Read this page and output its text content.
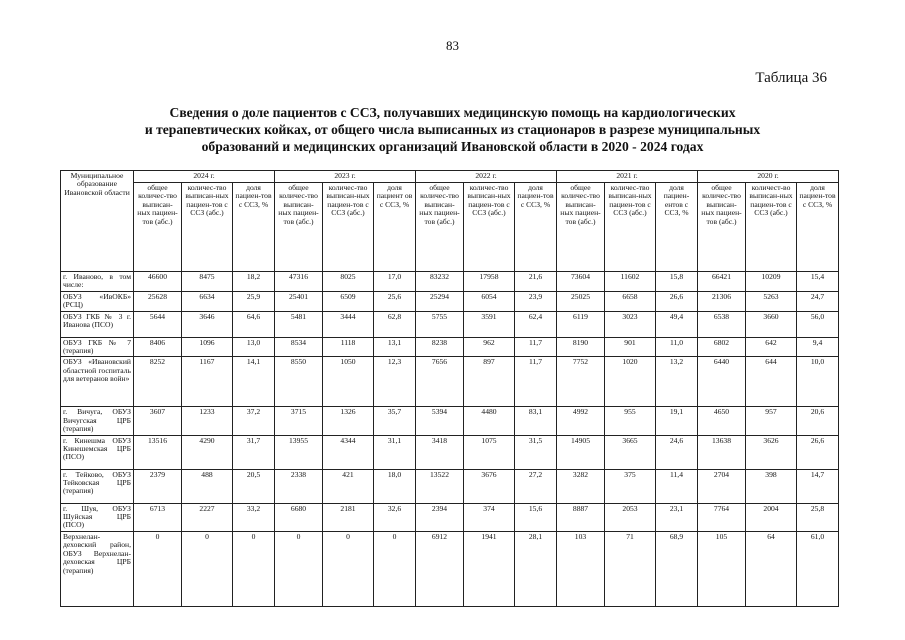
83
Таблица 36
Сведения о доле пациентов с ССЗ, получавших медицинскую помощь на кардиологических
и терапевтических койках, от общего числа выписанных из стационаров в разрезе муниципальных
образований и медицинских организаций Ивановской области в 2020 - 2024 годах
Муниципальное образование Ивановской области	2024 г.			2023 г.			2022 г.			2021 г.			2020 г.		
	общее количес-тво выписан-ных пациен-тов (абс.)	количес-тво выписан-ных пациен-тов с ССЗ (абс.)	доля пациен-тов с ССЗ, %	общее количес-тво выписан-ных пациен-тов (абс.)	количес-тво выписан-ных пациен-тов с ССЗ (абс.)	доля пациент ов с ССЗ, %	общее количес-тво выписан-ных пациен-тов (абс.)	количес-тво выписан-ных пациен-тов с ССЗ (абс.)	доля пациен-тов с ССЗ, %	общее количес-тво выписан-ных пациен-тов (абс.)	количес-тво выписан-ных пациен-тов с ССЗ (абс.)	доля пациен-ентов с ССЗ, %	общее количес-тво выписан-ных пациен-тов (абс.)	количест-во выписан-ных пациен-тов с ССЗ (абс.)	доля пациен-тов с ССЗ, %
г. Иваново, в том числе:	46600	8475	18,2	47316	8025	17,0	83232	17958	21,6	73604	11602	15,8	66421	10209	15,4
ОБУЗ «ИвОКБ» (РСЦ)	25628	6634	25,9	25401	6509	25,6	25294	6054	23,9	25025	6658	26,6	21306	5263	24,7
ОБУЗ ГКБ № 3 г. Иванова (ПСО)	5644	3646	64,6	5481	3444	62,8	5755	3591	62,4	6119	3023	49,4	6538	3660	56,0
ОБУЗ ГКБ № 7 (терапия)	8406	1096	13,0	8534	1118	13,1	8238	962	11,7	8190	901	11,0	6802	642	9,4
ОБУЗ «Ивановский областной госпиталь для ветеранов войн»	8252	1167	14,1	8550	1050	12,3	7656	897	11,7	7752	1020	13,2	6440	644	10,0
г. Вичуга, ОБУЗ Вичугская ЦРБ (терапия)	3607	1233	37,2	3715	1326	35,7	5394	4480	83,1	4992	955	19,1	4650	957	20,6
г. Кинешма ОБУЗ Кинешемская ЦРБ (ПСО)	13516	4290	31,7	13955	4344	31,1	3418	1075	31,5	14905	3665	24,6	13638	3626	26,6
г. Тейково, ОБУЗ Тейковская ЦРБ (терапия)	2379	488	20,5	2338	421	18,0	13522	3676	27,2	3282	375	11,4	2704	398	14,7
г. Шуя, ОБУЗ Шуйская ЦРБ (ПСО)	6713	2227	33,2	6680	2181	32,6	2394	374	15,6	8887	2053	23,1	7764	2004	25,8
Верхнелан-деховский район, ОБУЗ Верхнелан-деховская ЦРБ (терапия)	0	0	0	0	0	0	6912	1941	28,1	103	71	68,9	105	64	61,0
